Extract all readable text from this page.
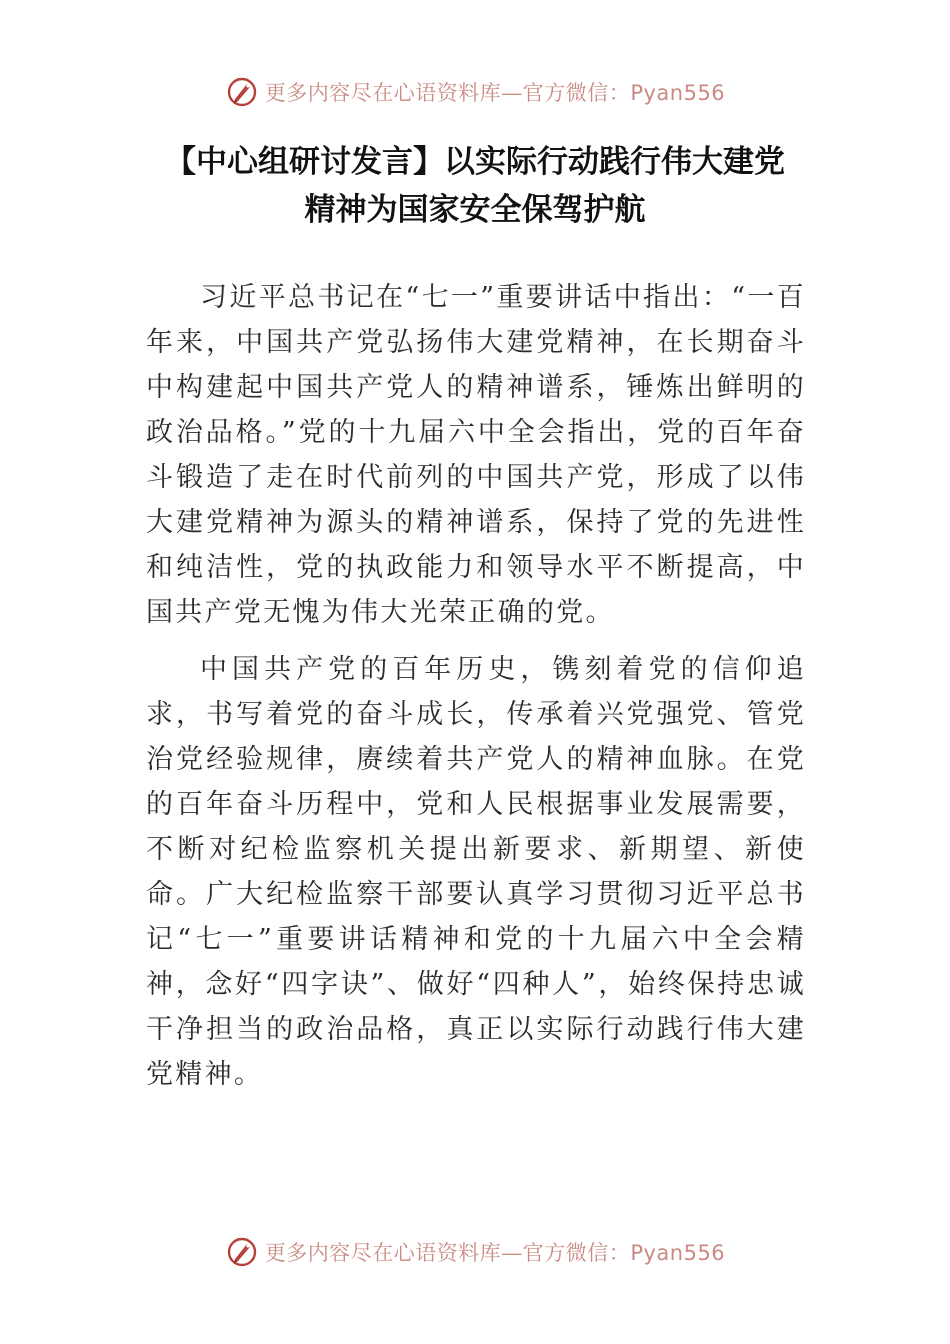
更多内容尽在心语资料库—官方微信：Pyan556
【中心组研讨发言】以实际行动践行伟大建党
精神为国家安全保驾护航

习近平总书记在“七一”重要讲话中指出：“一百年来，中国共产党弘扬伟大建党精神，在长期奋斗中构建起中国共产党人的精神谱系，锤炼出鲜明的政治品格。”党的十九届六中全会指出，党的百年奋斗锻造了走在时代前列的中国共产党，形成了以伟大建党精神为源头的精神谱系，保持了党的先进性和纯洁性，党的执政能力和领导水平不断提高，中国共产党无愧为伟大光荣正确的党。

中国共产党的百年历史，镌刻着党的信仰追求，书写着党的奋斗成长，传承着兴党强党、管党治党经验规律，赓续着共产党人的精神血脉。在党的百年奋斗历程中，党和人民根据事业发展需要，不断对纪检监察机关提出新要求、新期望、新使命。广大纪检监察干部要认真学习贯彻习近平总书记“七一”重要讲话精神和党的十九届六中全会精神，念好“四字诀”、做好“四种人”，始终保持忠诚干净担当的政治品格，真正以实际行动践行伟大建党精神。

更多内容尽在心语资料库—官方微信：Pyan556
